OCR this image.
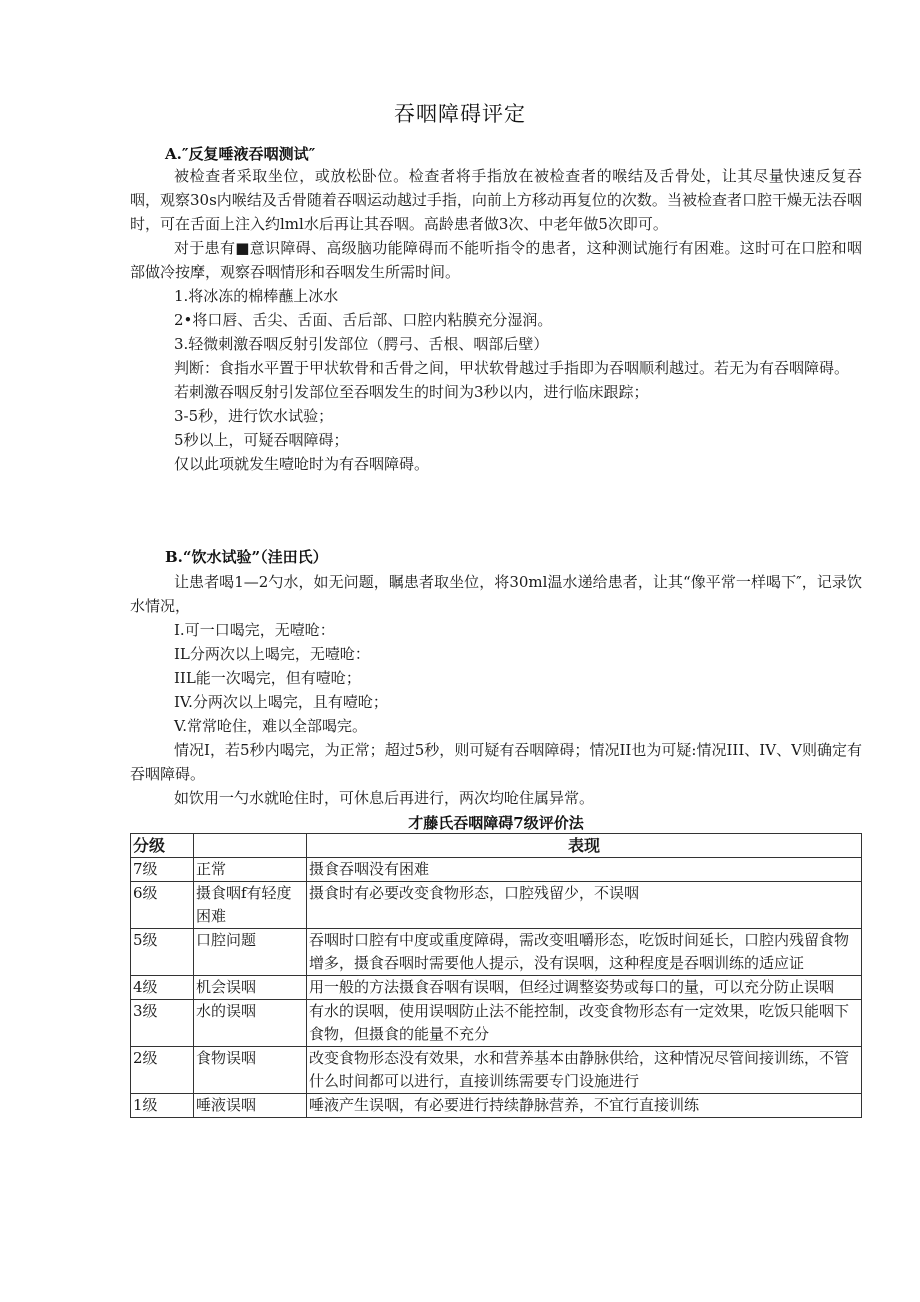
吞咽障碍评定
A.″反复唾液吞咽测试″

被检查者采取坐位，或放松卧位。检查者将手指放在被检查者的喉结及舌骨处，让其尽量快速反复吞咽，观察30s内喉结及舌骨随着吞咽运动越过手指，向前上方移动再复位的次数。当被检查者口腔干燥无法吞咽时，可在舌面上注入约lml水后再让其吞咽。高龄患者做3次、中老年做5次即可。

对于患有■意识障碍、高级脑功能障碍而不能听指令的患者，这种测试施行有困难。这时可在口腔和咽部做冷按摩，观察吞咽情形和吞咽发生所需时间。

1.将冰冻的棉棒蘸上冰水

2•将口唇、舌尖、舌面、舌后部、口腔内粘膜充分湿润。

3.轻微刺激吞咽反射引发部位（腭弓、舌根、咽部后壁）

判断：食指水平置于甲状软骨和舌骨之间，甲状软骨越过手指即为吞咽顺利越过。若无为有吞咽障碍。

若刺激吞咽反射引发部位至吞咽发生的时间为3秒以内，进行临床跟踪；

3-5秒，进行饮水试验；

5秒以上，可疑吞咽障碍；

仅以此项就发生噎呛时为有吞咽障碍。

B.“饮水试验”（洼田氏）

让患者喝1—2勺水，如无问题，瞩患者取坐位，将30ml温水递给患者，让其“像平常一样喝下″，记录饮水情况，

I.可一口喝完，无噎呛：

IL分两次以上喝完，无噎呛：

IIL能一次喝完，但有噎呛；

IV.分两次以上喝完，且有噎呛；

V.常常呛住，难以全部喝完。

情况I，若5秒内喝完，为正常；超过5秒，则可疑有吞咽障碍；情况II也为可疑:情况III、IV、V则确定有吞咽障碍。

如饮用一勺水就呛住时，可休息后再进行，两次均呛住属异常。

才藤氏吞咽障碍7级评价法
分级		表现
7级	正常	摄食吞咽没有困难
6级	摄食咽f有轻度困难	摄食时有必要改变食物形态，口腔残留少，不误咽
5级	口腔问题	吞咽时口腔有中度或重度障碍，需改变咀嚼形态，吃饭时间延长，口腔内残留食物增多，摄食吞咽时需要他人提示，没有误咽，这种程度是吞咽训练的适应证
4级	机会误咽	用一般的方法摄食吞咽有误咽，但经过调整姿势或每口的量，可以充分防止误咽
3级	水的误咽	有水的误咽，使用误咽防止法不能控制，改变食物形态有一定效果，吃饭只能咽下食物，但摄食的能量不充分
2级	食物误咽	改变食物形态没有效果，水和营养基本由静脉供给，这种情况尽管间接训练，不管什么时间都可以进行，直接训练需要专门设施进行
1级	唾液误咽	唾液产生误咽，有必要进行持续静脉营养，不宜行直接训练
